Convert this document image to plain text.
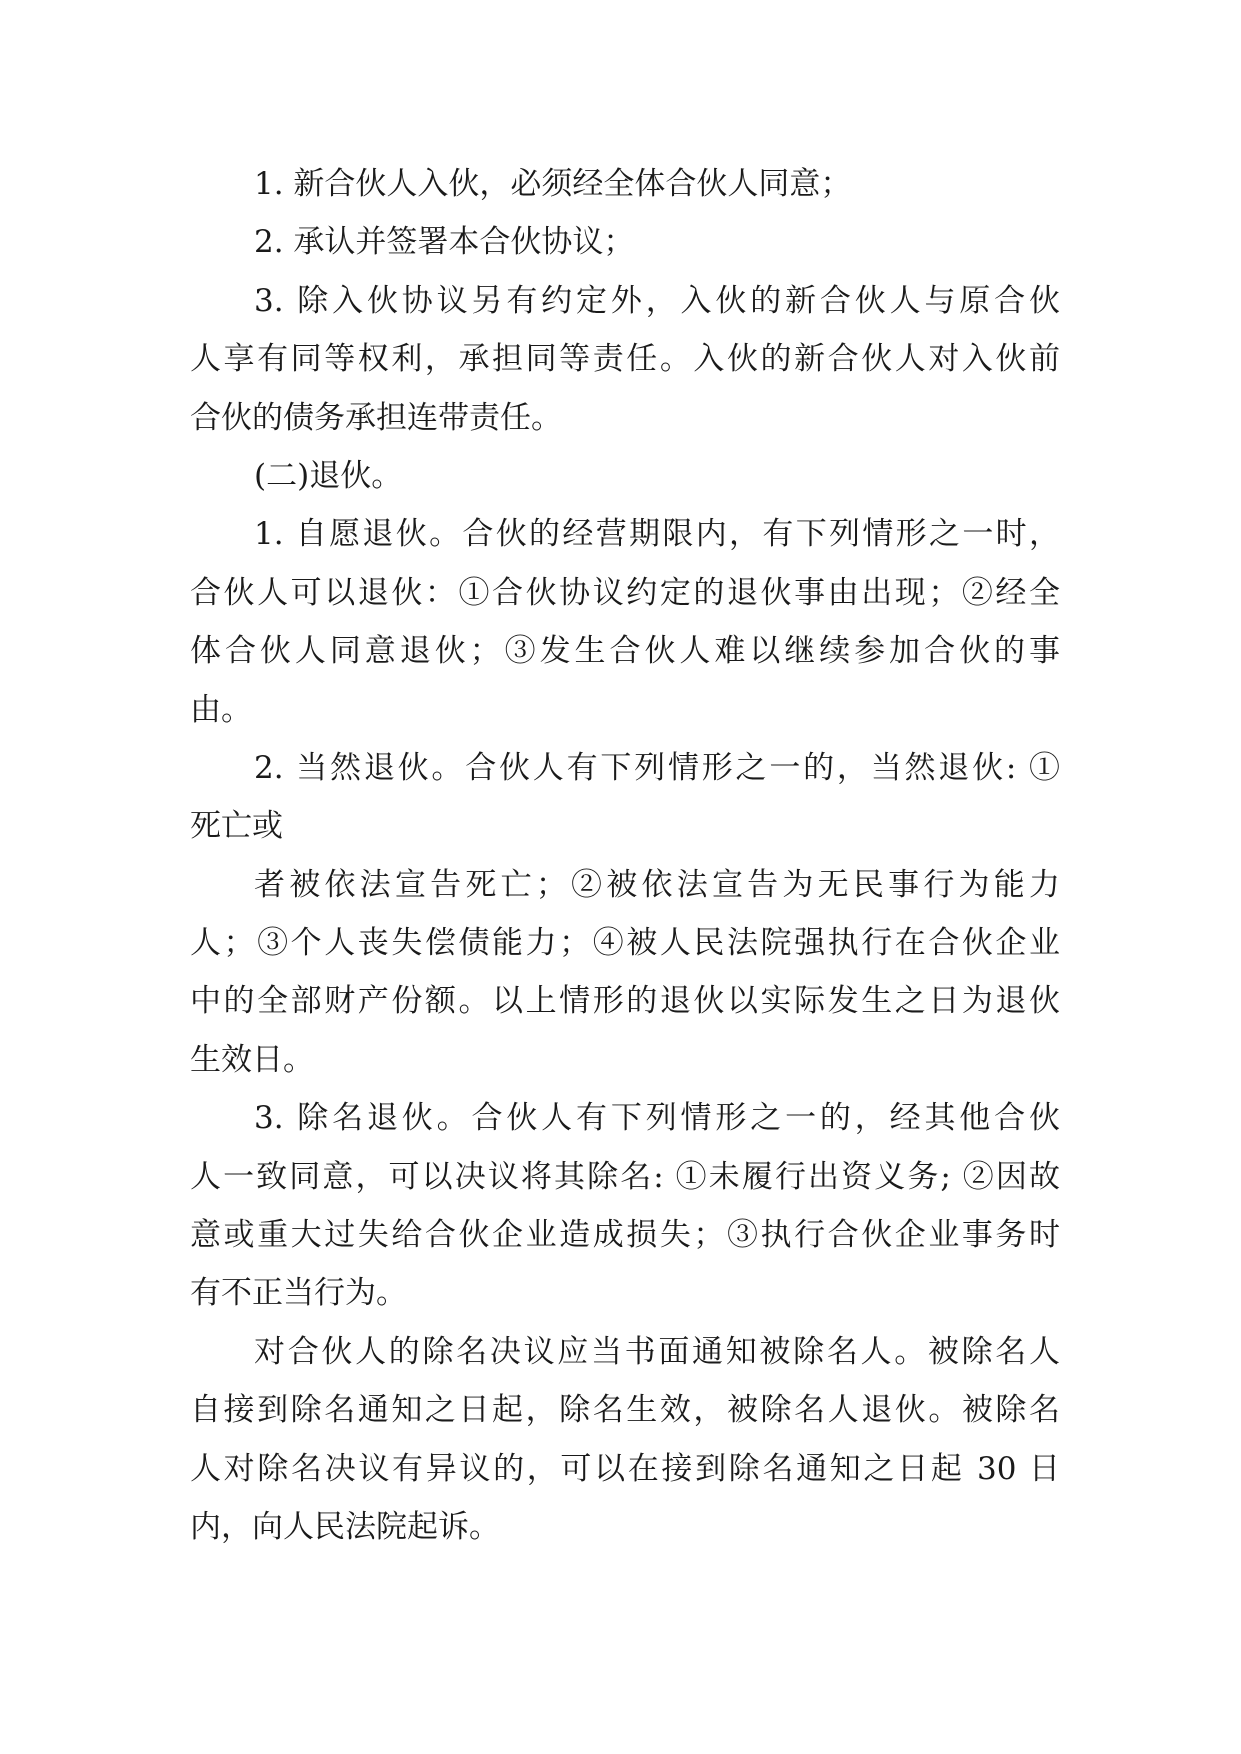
1. 新合伙人入伙，必须经全体合伙人同意；
2. 承认并签署本合伙协议；
3. 除入伙协议另有约定外，入伙的新合伙人与原合伙
人享有同等权利，承担同等责任。入伙的新合伙人对入伙前
合伙的债务承担连带责任。
(二)退伙。
1. 自愿退伙。合伙的经营期限内，有下列情形之一时，
合伙人可以退伙：①合伙协议约定的退伙事由出现；②经全
体合伙人同意退伙；③发生合伙人难以继续参加合伙的事
由。
2. 当然退伙。合伙人有下列情形之一的，当然退伙: ①
死亡或
者被依法宣告死亡；②被依法宣告为无民事行为能力
人；③个人丧失偿债能力；④被人民法院强执行在合伙企业
中的全部财产份额。以上情形的退伙以实际发生之日为退伙
生效日。
3. 除名退伙。合伙人有下列情形之一的，经其他合伙
人一致同意，可以决议将其除名: ①未履行出资义务; ②因故
意或重大过失给合伙企业造成损失；③执行合伙企业事务时
有不正当行为。
对合伙人的除名决议应当书面通知被除名人。被除名人
自接到除名通知之日起，除名生效，被除名人退伙。被除名
人对除名决议有异议的，可以在接到除名通知之日起 30 日
内，向人民法院起诉。
